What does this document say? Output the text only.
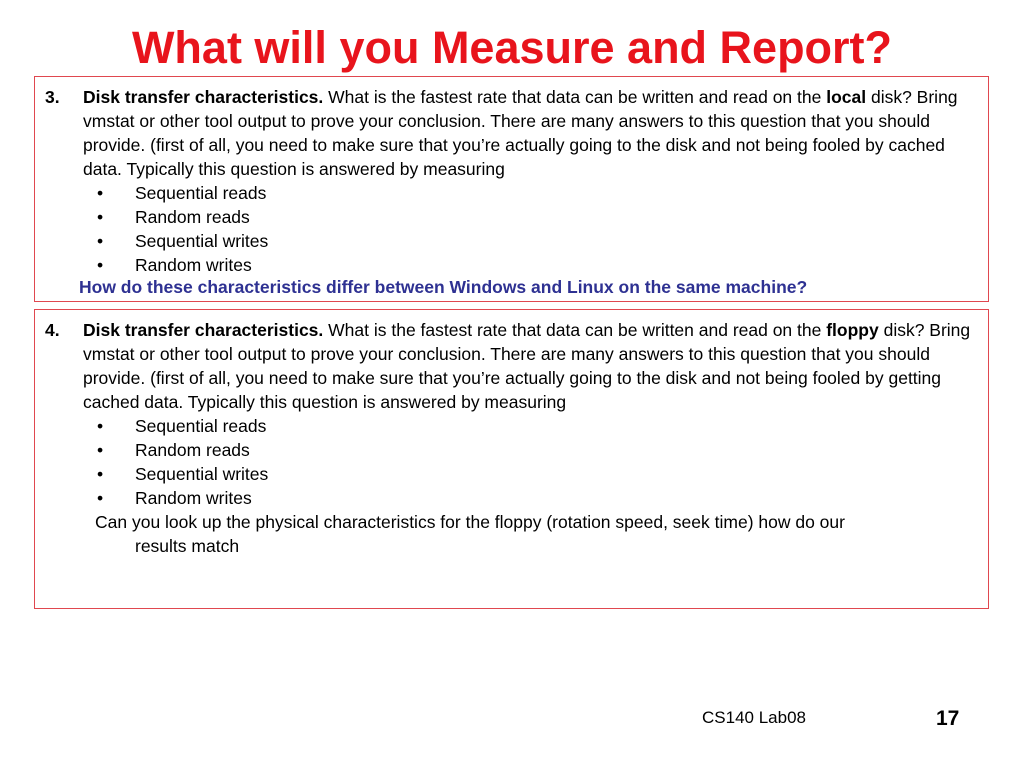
What will you Measure and Report?
3. Disk transfer characteristics. What is the fastest rate that data can be written and read on the local disk? Bring vmstat or other tool output to prove your conclusion. There are many answers to this question that you should provide. (first of all, you need to make sure that you’re actually going to the disk and not being fooled by cached data. Typically this question is answered by measuring
• Sequential reads
• Random reads
• Sequential writes
• Random writes
How do these characteristics differ between Windows and Linux on the same machine?
4. Disk transfer characteristics. What is the fastest rate that data can be written and read on the floppy disk? Bring vmstat or other tool output to prove your conclusion. There are many answers to this question that you should provide. (first of all, you need to make sure that you’re actually going to the disk and not being fooled by getting cached data. Typically this question is answered by measuring
• Sequential reads
• Random reads
• Sequential writes
• Random writes
Can you look up the physical characteristics for the floppy (rotation speed, seek time) how do our
results match
CS140 Lab08	17
